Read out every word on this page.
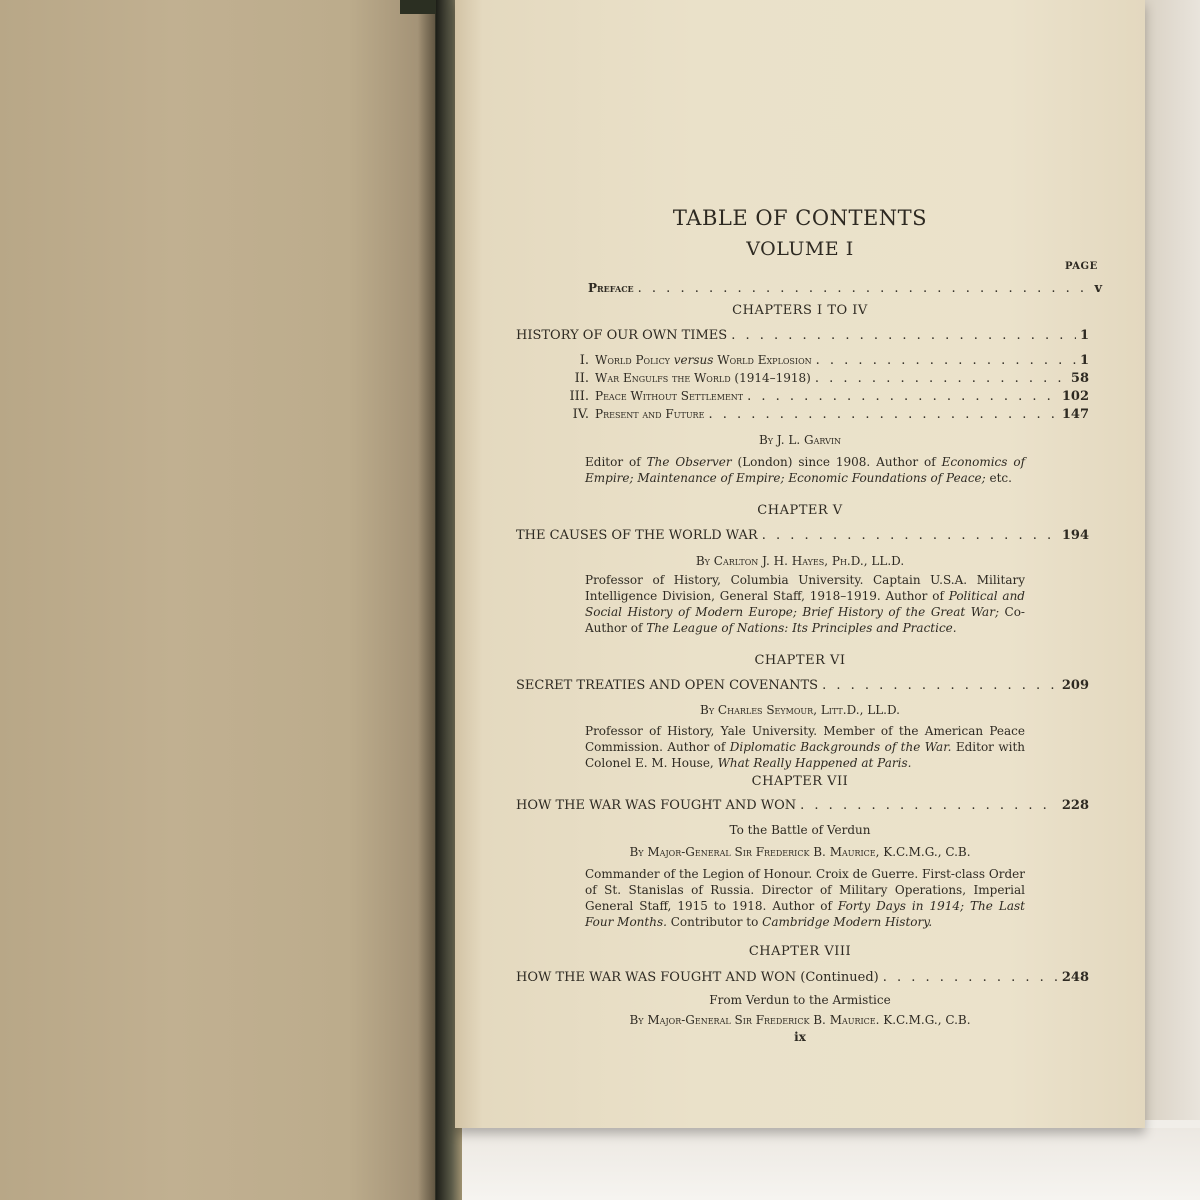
TABLE OF CONTENTS
VOLUME I
PAGE
Preface . . .	v
CHAPTERS I TO IV
HISTORY OF OUR OWN TIMES . . .	1
I. World Policy versus World Explosion . . .	1
II. War Engulfs the World (1914–1918) . . .	58
III. Peace Without Settlement . . .	102
IV. Present and Future . . .	147
By J. L. Garvin
Editor of The Observer (London) since 1908. Author of Economics of Empire; Maintenance of Empire; Economic Foundations of Peace; etc.
CHAPTER V
THE CAUSES OF THE WORLD WAR . . .	194
By Carlton J. H. Hayes, Ph.D., LL.D.
Professor of History, Columbia University. Captain U.S.A. Military Intelligence Division, General Staff, 1918–1919. Author of Political and Social History of Modern Europe; Brief History of the Great War; Co-Author of The League of Nations: Its Principles and Practice.
CHAPTER VI
SECRET TREATIES AND OPEN COVENANTS . . .	209
By Charles Seymour, Litt.D., LL.D.
Professor of History, Yale University. Member of the American Peace Commission. Author of Diplomatic Backgrounds of the War. Editor with Colonel E. M. House, What Really Happened at Paris.
CHAPTER VII
HOW THE WAR WAS FOUGHT AND WON . . .	228
To the Battle of Verdun
By Major-General Sir Frederick B. Maurice, K.C.M.G., C.B.
Commander of the Legion of Honour. Croix de Guerre. First-class Order of St. Stanislas of Russia. Director of Military Operations, Imperial General Staff, 1915 to 1918. Author of Forty Days in 1914; The Last Four Months. Contributor to Cambridge Modern History.
CHAPTER VIII
HOW THE WAR WAS FOUGHT AND WON (Continued) . . .	248
From Verdun to the Armistice
By Major-General Sir Frederick B. Maurice. K.C.M.G., C.B.
ix
